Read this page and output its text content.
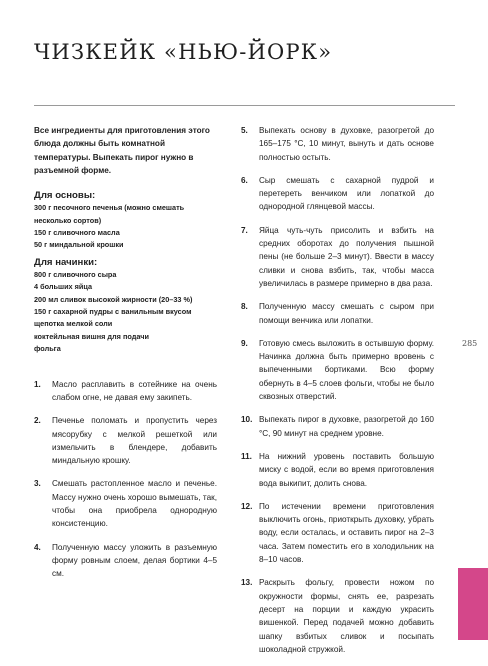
ЧИЗКЕЙК «НЬЮ-ЙОРК»

Все ингредиенты для приготовления этого блюда должны быть комнатной температуры. Выпекать пирог нужно в разъемной форме.

Для основы:

300 г песочного печенья (можно смешать несколько сортов)
150 г сливочного масла
50 г миндальной крошки

Для начинки:

800 г сливочного сыра
4 больших яйца
200 мл сливок высокой жирности (20–33 %)
150 г сахарной пудры с ванильным вкусом
щепотка мелкой соли
коктейльная вишня для подачи
фольга
1.	Масло расплавить в сотейнике на очень слабом огне, не давая ему закипеть.
2.	Печенье поломать и пропустить через мясорубку с мелкой решеткой или измельчить в блендере, добавить миндальную крошку.
3.	Смешать растопленное масло и печенье. Массу нужно очень хорошо вымешать, так, чтобы она приобрела однородную консистенцию.
4.	Полученную массу уложить в разъемную форму ровным слоем, делая бортики 4–5 см.
5.	Выпекать основу в духовке, разогретой до 165–175 °С, 10 минут, вынуть и дать основе полностью остыть.
6.	Сыр смешать с сахарной пудрой и перетереть венчиком или лопаткой до однородной глянцевой массы.
7.	Яйца чуть-чуть присолить и взбить на средних оборотах до получения пышной пены (не больше 2–3 минут). Ввести в массу сливки и снова взбить, так, чтобы масса увеличилась в размере примерно в два раза.
8.	Полученную массу смешать с сыром при помощи венчика или лопатки.
9.	Готовую смесь выложить в остывшую форму. Начинка должна быть примерно вровень с выпеченными бортиками. Всю форму обернуть в 4–5 слоев фольги, чтобы не было сквозных отверстий.
10. Выпекать пирог в духовке, разогретой до 160 °С, 90 минут на среднем уровне.
11. На нижний уровень поставить большую миску с водой, если во время приготовления вода выкипит, долить снова.
12. По истечении времени приготовления выключить огонь, приоткрыть духовку, убрать воду, если осталась, и оставить пирог на 2–3 часа. Затем поместить его в холодильник на 8–10 часов.
13. Раскрыть фольгу, провести ножом по окружности формы, снять ее, разрезать десерт на порции и каждую украсить вишенкой. Перед подачей можно добавить шапку взбитых сливок и посыпать шоколадной стружкой.
285
